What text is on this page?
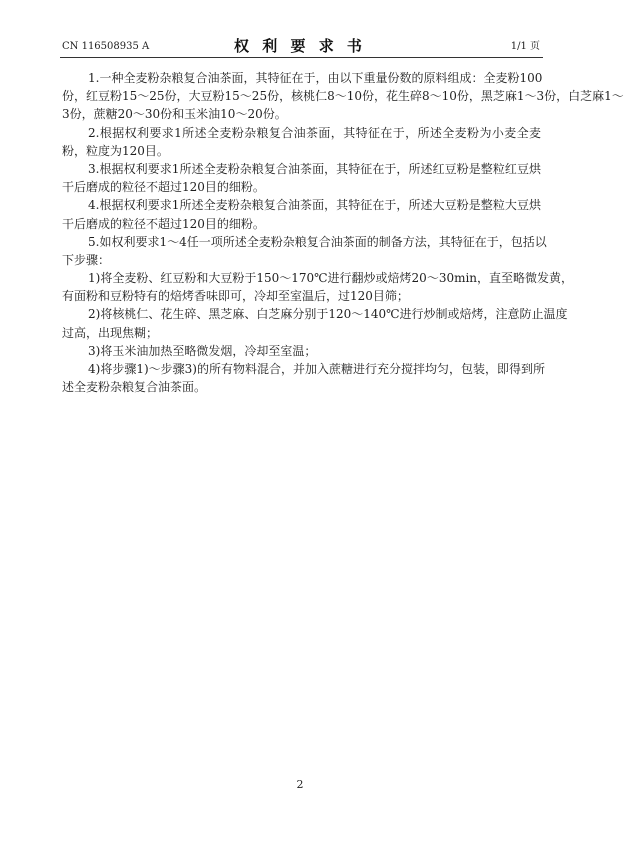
CN 116508935 A	权 利 要 求 书	1/1 页
1.一种全麦粉杂粮复合油茶面，其特征在于，由以下重量份数的原料组成：全麦粉100
份，红豆粉15～25份，大豆粉15～25份，核桃仁8～10份，花生碎8～10份，黑芝麻1～3份，白芝麻1～
3份，蔗糖20～30份和玉米油10～20份。
2.根据权利要求1所述全麦粉杂粮复合油茶面，其特征在于，所述全麦粉为小麦全麦
粉，粒度为120目。
3.根据权利要求1所述全麦粉杂粮复合油茶面，其特征在于，所述红豆粉是整粒红豆烘
干后磨成的粒径不超过120目的细粉。
4.根据权利要求1所述全麦粉杂粮复合油茶面，其特征在于，所述大豆粉是整粒大豆烘
干后磨成的粒径不超过120目的细粉。
5.如权利要求1～4任一项所述全麦粉杂粮复合油茶面的制备方法，其特征在于，包括以
下步骤：
1)将全麦粉、红豆粉和大豆粉于150～170℃进行翻炒或焙烤20～30min，直至略微发黄，
有面粉和豆粉特有的焙烤香味即可，冷却至室温后，过120目筛；
2)将核桃仁、花生碎、黑芝麻、白芝麻分别于120～140℃进行炒制或焙烤，注意防止温度
过高，出现焦糊；
3)将玉米油加热至略微发烟，冷却至室温；
4)将步骤1)～步骤3)的所有物料混合，并加入蔗糖进行充分搅拌均匀，包装，即得到所
述全麦粉杂粮复合油茶面。
2
